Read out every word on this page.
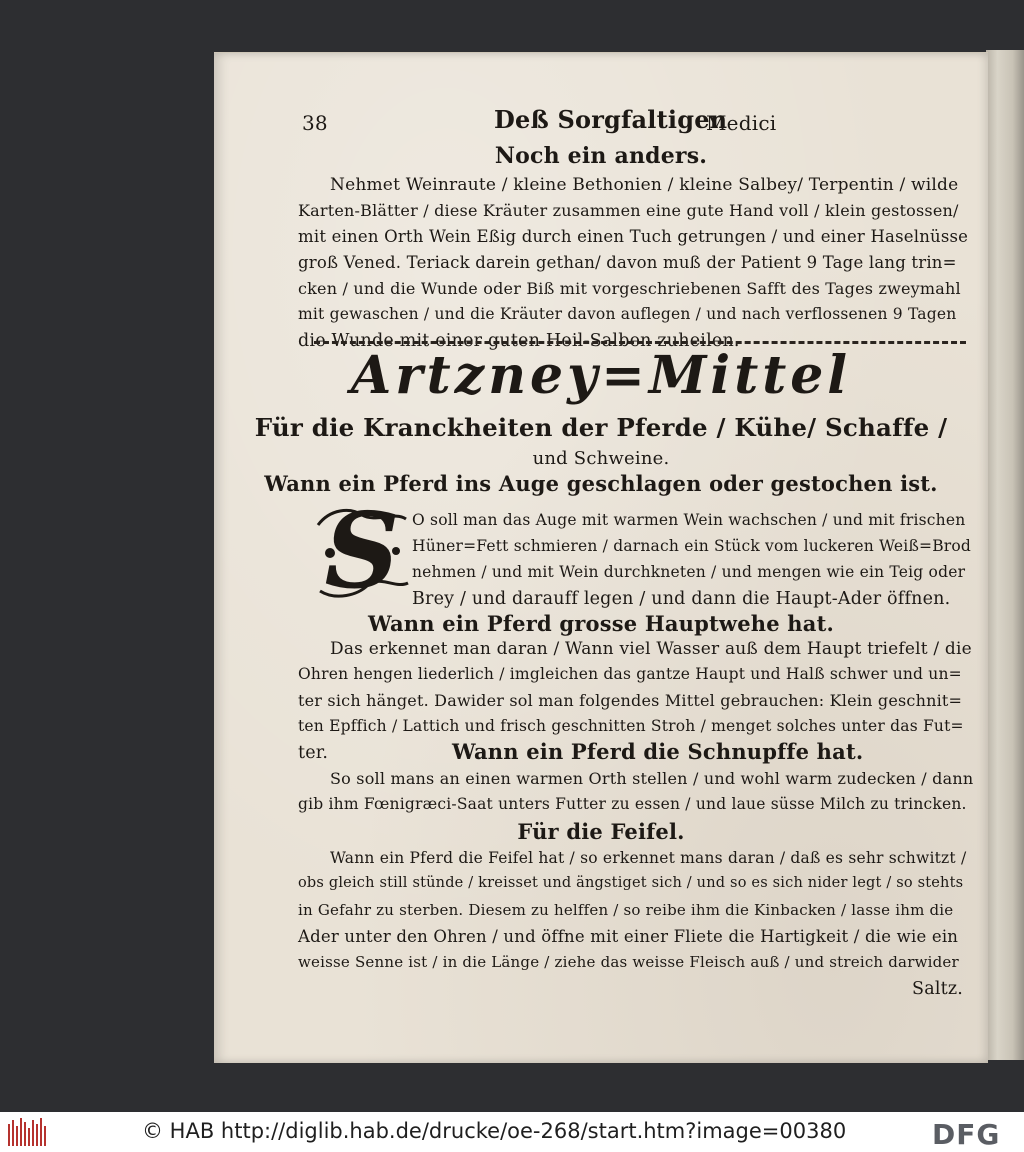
38	Deß Sorgfaltigen
Medici
Noch ein anders.
Nehmet Weinraute / kleine Bethonien / kleine Salbey/ Terpentin / wilde
Karten-Blätter / diese Kräuter zusammen eine gute Hand voll / klein gestossen/
mit einen Orth Wein Eßig durch einen Tuch getrungen / und einer Haselnüsse
groß Vened. Teriack darein gethan/ davon muß der Patient 9 Tage lang trin=
cken / und die Wunde oder Biß mit vorgeschriebenen Safft des Tages zweymahl
mit gewaschen / und die Kräuter davon auflegen / und nach verflossenen 9 Tagen
die Wunde mit einer guten Heil-Salben zuheilen.
Artzney=Mittel
Für die Kranckheiten der Pferde / Kühe/ Schaffe /
und Schweine.
Wann ein Pferd ins Auge geschlagen oder gestochen ist.
S O soll man das Auge mit warmen Wein wachschen / und mit frischen
Hüner=Fett schmieren / darnach ein Stück vom luckeren Weiß=Brod
nehmen / und mit Wein durchkneten / und mengen wie ein Teig oder
Brey / und darauff legen / und dann die Haupt-Ader öffnen.
Wann ein Pferd grosse Hauptwehe hat.
Das erkennet man daran / Wann viel Wasser auß dem Haupt triefelt / die
Ohren hengen liederlich / imgleichen das gantze Haupt und Halß schwer und un=
ter sich hänget. Dawider sol man folgendes Mittel gebrauchen: Klein geschnit=
ten Epffich / Lattich und frisch geschnitten Stroh / menget solches unter das Fut=
ter.	Wann ein Pferd die Schnupffe hat.
So soll mans an einen warmen Orth stellen / und wohl warm zudecken / dann
gib ihm Fœnigræci-Saat unters Futter zu essen / und laue süsse Milch zu trincken.
Für die Feifel.
Wann ein Pferd die Feifel hat / so erkennet mans daran / daß es sehr schwitzt /
obs gleich still stünde / kreisset und ängstiget sich / und so es sich nider legt / so stehts
in Gefahr zu sterben. Diesem zu helffen / so reibe ihm die Kinbacken / lasse ihm die
Ader unter den Ohren / und öffne mit einer Fliete die Hartigkeit / die wie ein
weisse Senne ist / in die Länge / ziehe das weisse Fleisch auß / und streich darwider
Saltz.
© HAB http://diglib.hab.de/drucke/oe-268/start.htm?image=00380	DFG
